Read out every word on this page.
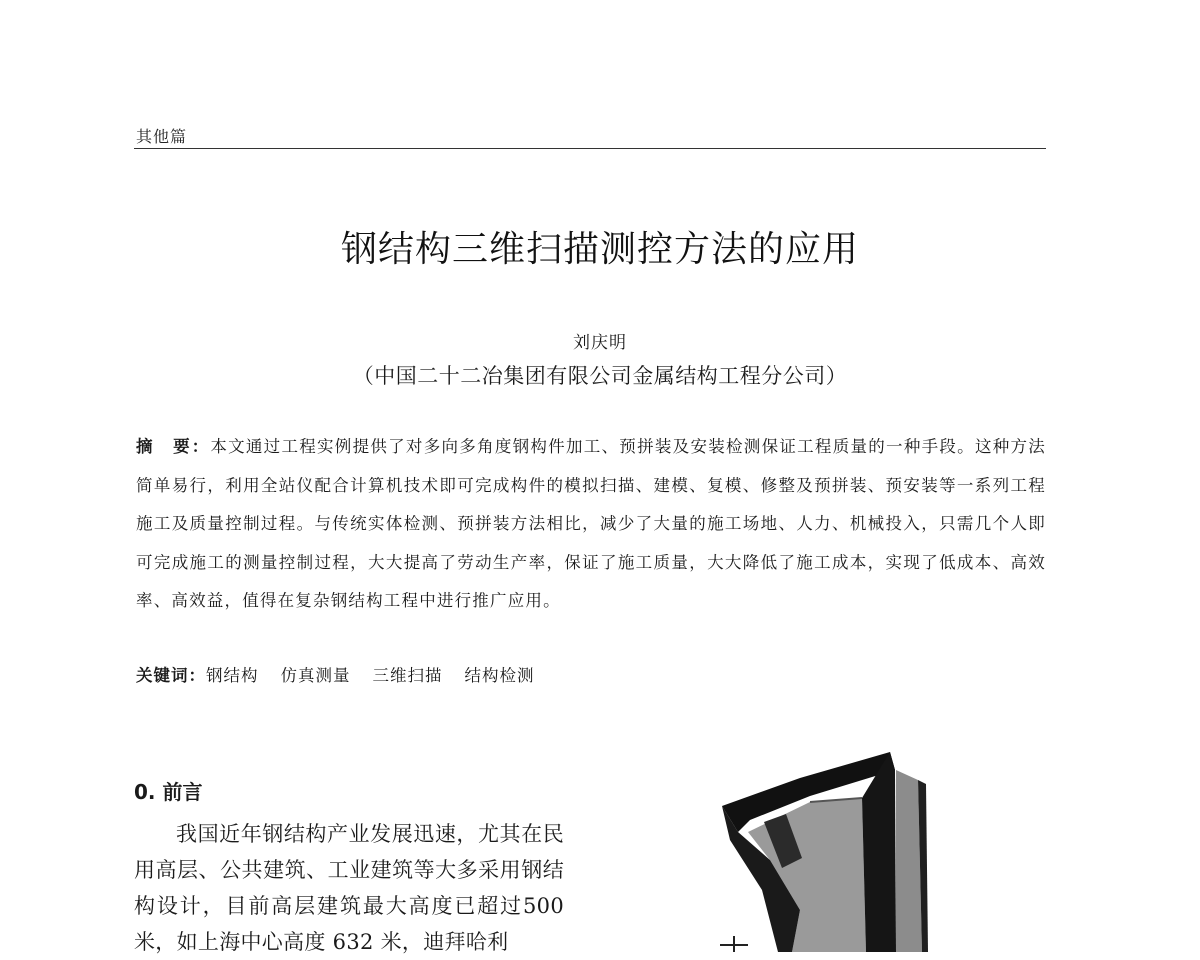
其他篇
钢结构三维扫描测控方法的应用
刘庆明
（中国二十二冶集团有限公司金属结构工程分公司）
摘　要：本文通过工程实例提供了对多向多角度钢构件加工、预拼装及安装检测保证工程质量的一种手段。这种方法简单易行，利用全站仪配合计算机技术即可完成构件的模拟扫描、建模、复模、修整及预拼装、预安装等一系列工程施工及质量控制过程。与传统实体检测、预拼装方法相比，减少了大量的施工场地、人力、机械投入，只需几个人即可完成施工的测量控制过程，大大提高了劳动生产率，保证了施工质量，大大降低了施工成本，实现了低成本、高效率、高效益，值得在复杂钢结构工程中进行推广应用。
关键词：钢结构 仿真测量 三维扫描 结构检测
0. 前言
我国近年钢结构产业发展迅速，尤其在民用高层、公共建筑、工业建筑等大多采用钢结构设计，目前高层建筑最大高度已超过500 米，如上海中心高度 632 米，迪拜哈利
